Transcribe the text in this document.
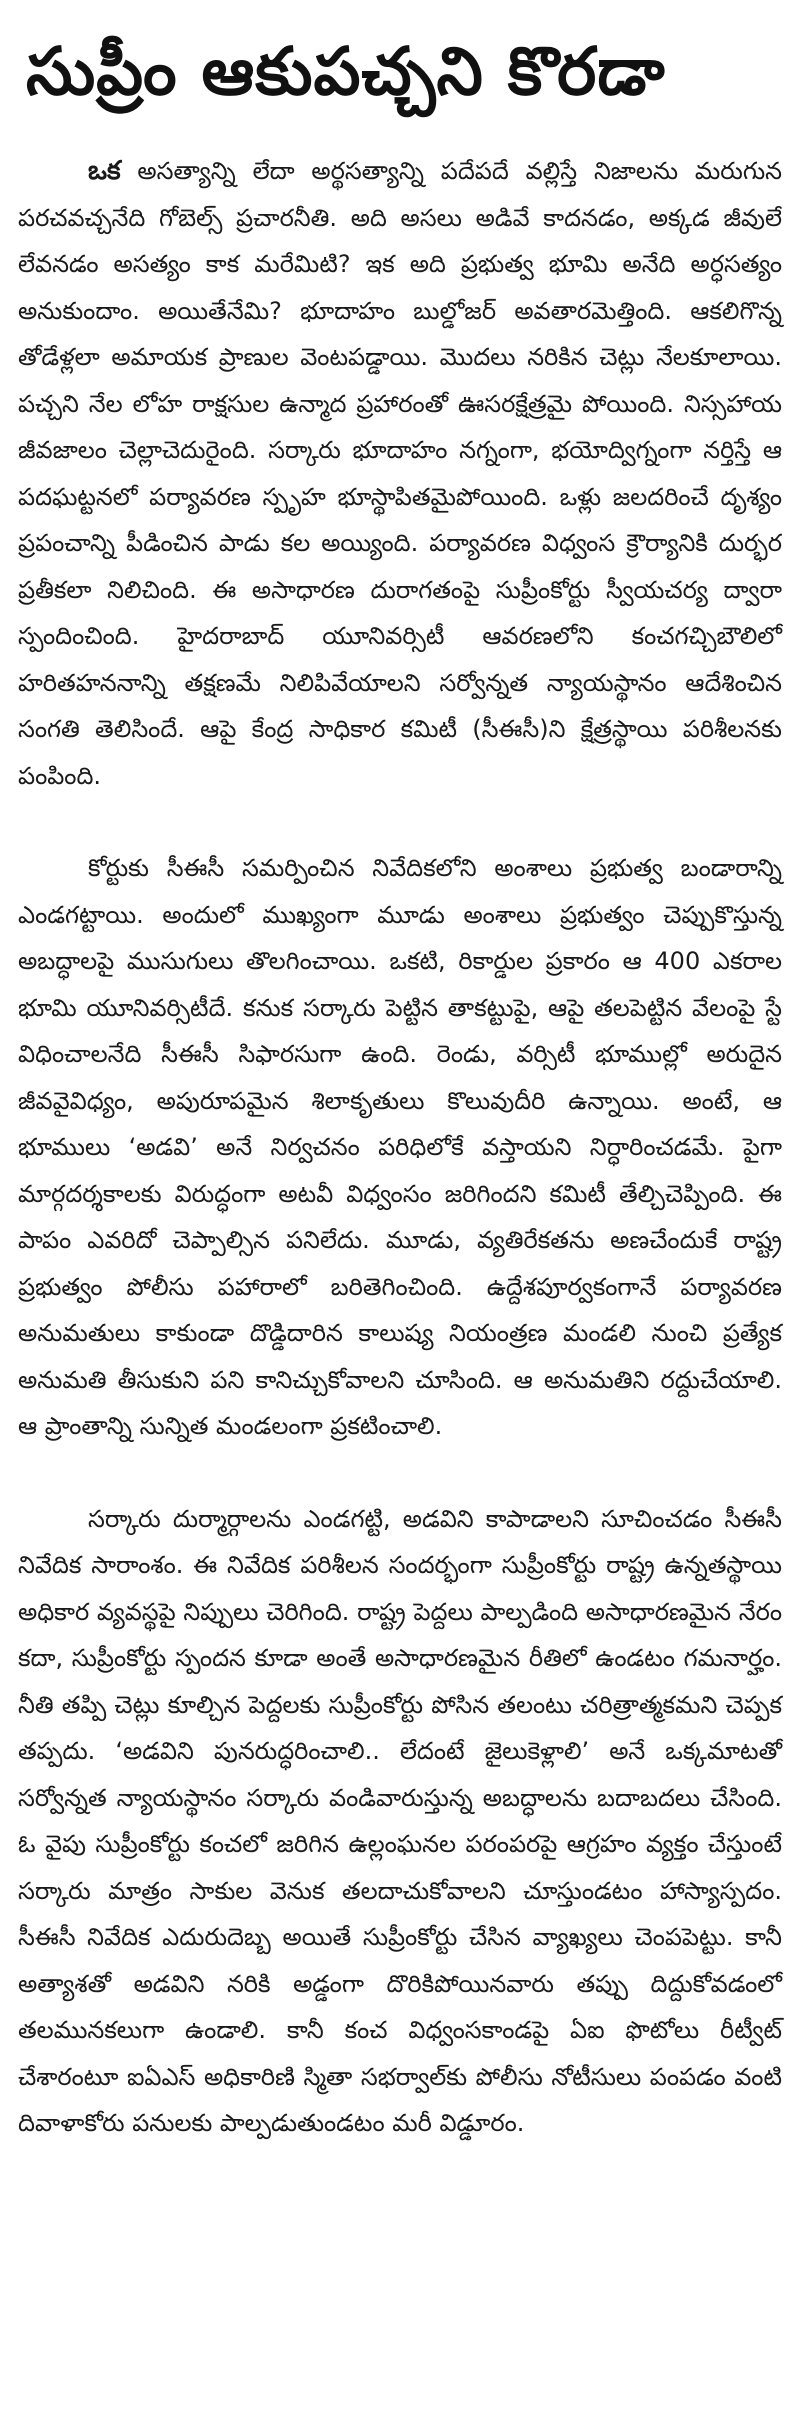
సుప్రీం ఆకుపచ్చని కొరడా

ఒక అసత్యాన్ని లేదా అర్థసత్యాన్ని పదేపదే వల్లిస్తే నిజాలను మరుగున పరచవచ్చనేది గోబెల్స్ ప్రచారనీతి. అది అసలు అడివే కాదనడం, అక్కడ జీవులే లేవనడం అసత్యం కాక మరేమిటి? ఇక అది ప్రభుత్వ భూమి అనేది అర్ధసత్యం అనుకుందాం. అయితేనేమి? భూదాహం బుల్డోజర్ అవతారమెత్తింది. ఆకలిగొన్న తోడేళ్లలా అమాయక ప్రాణుల వెంటపడ్డాయి. మొదలు నరికిన చెట్లు నేలకూలాయి. పచ్చని నేల లోహ రాక్షసుల ఉన్మాద ప్రహారంతో ఊసరక్షేత్రమై పోయింది. నిస్సహాయ జీవజాలం చెల్లాచెదురైంది. సర్కారు భూదాహం నగ్నంగా, భయోద్విగ్నంగా నర్తిస్తే ఆ పదఘట్టనలో పర్యావరణ స్పృహ భూస్థాపితమైపోయింది. ఒళ్లు జలదరించే దృశ్యం ప్రపంచాన్ని పీడించిన పాడు కల అయ్యింది. పర్యావరణ విధ్వంస క్రౌర్యానికి దుర్భర ప్రతీకలా నిలిచింది. ఈ అసాధారణ దురాగతంపై సుప్రీంకోర్టు స్వీయచర్య ద్వారా స్పందించింది. హైదరాబాద్ యూనివర్సిటీ ఆవరణలోని కంచగచ్చిబౌలిలో హరితహననాన్ని తక్షణమే నిలిపివేయాలని సర్వోన్నత న్యాయస్థానం ఆదేశించిన సంగతి తెలిసిందే. ఆపై కేంద్ర సాధికార కమిటీ (సీఈసీ)ని క్షేత్రస్థాయి పరిశీలనకు పంపింది.

కోర్టుకు సీఈసీ సమర్పించిన నివేదికలోని అంశాలు ప్రభుత్వ బండారాన్ని ఎండగట్టాయి. అందులో ముఖ్యంగా మూడు అంశాలు ప్రభుత్వం చెప్పుకొస్తున్న అబద్ధాలపై ముసుగులు తొలగించాయి. ఒకటి, రికార్డుల ప్రకారం ఆ 400 ఎకరాల భూమి యూనివర్సిటీదే. కనుక సర్కారు పెట్టిన తాకట్టుపై, ఆపై తలపెట్టిన వేలంపై స్టే విధించాలనేది సీఈసీ సిఫారసుగా ఉంది. రెండు, వర్సిటీ భూముల్లో అరుదైన జీవవైవిధ్యం, అపురూపమైన శిలాకృతులు కొలువుదీరి ఉన్నాయి. అంటే, ఆ భూములు ‘అడవి’ అనే నిర్వచనం పరిధిలోకే వస్తాయని నిర్ధారించడమే. పైగా మార్గదర్శకాలకు విరుద్ధంగా అటవీ విధ్వంసం జరిగిందని కమిటీ తేల్చిచెప్పింది. ఈ పాపం ఎవరిదో చెప్పాల్సిన పనిలేదు. మూడు, వ్యతిరేకతను అణచేందుకే రాష్ట్ర ప్రభుత్వం పోలీసు పహారాలో బరితెగించింది. ఉద్దేశపూర్వకంగానే పర్యావరణ అనుమతులు కాకుండా దొడ్డిదారిన కాలుష్య నియంత్రణ మండలి నుంచి ప్రత్యేక అనుమతి తీసుకుని పని కానిచ్చుకోవాలని చూసింది. ఆ అనుమతిని రద్దుచేయాలి. ఆ ప్రాంతాన్ని సున్నిత మండలంగా ప్రకటించాలి.

సర్కారు దుర్మార్గాలను ఎండగట్టి, అడవిని కాపాడాలని సూచించడం సీఈసీ నివేదిక సారాంశం. ఈ నివేదిక పరిశీలన సందర్భంగా సుప్రీంకోర్టు రాష్ట్ర ఉన్నతస్థాయి అధికార వ్యవస్థపై నిప్పులు చెరిగింది. రాష్ట్ర పెద్దలు పాల్పడింది అసాధారణమైన నేరం కదా, సుప్రీంకోర్టు స్పందన కూడా అంతే అసాధారణమైన రీతిలో ఉండటం గమనార్హం. నీతి తప్పి చెట్లు కూల్చిన పెద్దలకు సుప్రీంకోర్టు పోసిన తలంటు చరిత్రాత్మకమని చెప్పక తప్పదు. ‘అడవిని పునరుద్ధరించాలి.. లేదంటే జైలుకెళ్లాలి’ అనే ఒక్కమాటతో సర్వోన్నత న్యాయస్థానం సర్కారు వండివారుస్తున్న అబద్ధాలను బదాబదలు చేసింది. ఓ వైపు సుప్రీంకోర్టు కంచలో జరిగిన ఉల్లంఘనల పరంపరపై ఆగ్రహం వ్యక్తం చేస్తుంటే సర్కారు మాత్రం సాకుల వెనుక తలదాచుకోవాలని చూస్తుండటం హాస్యాస్పదం. సీఈసీ నివేదిక ఎదురుదెబ్బ అయితే సుప్రీంకోర్టు చేసిన వ్యాఖ్యలు చెంపపెట్టు. కానీ అత్యాశతో అడవిని నరికి అడ్డంగా దొరికిపోయినవారు తప్పు దిద్దుకోవడంలో తలమునకలుగా ఉండాలి. కానీ కంచ విధ్వంసకాండపై ఏఐ ఫొటోలు రీట్వీట్ చేశారంటూ ఐఏఎస్ అధికారిణి స్మితా సభర్వాల్‌కు పోలీసు నోటీసులు పంపడం వంటి దివాళాకోరు పనులకు పాల్పడుతుండటం మరీ విడ్డూరం.
